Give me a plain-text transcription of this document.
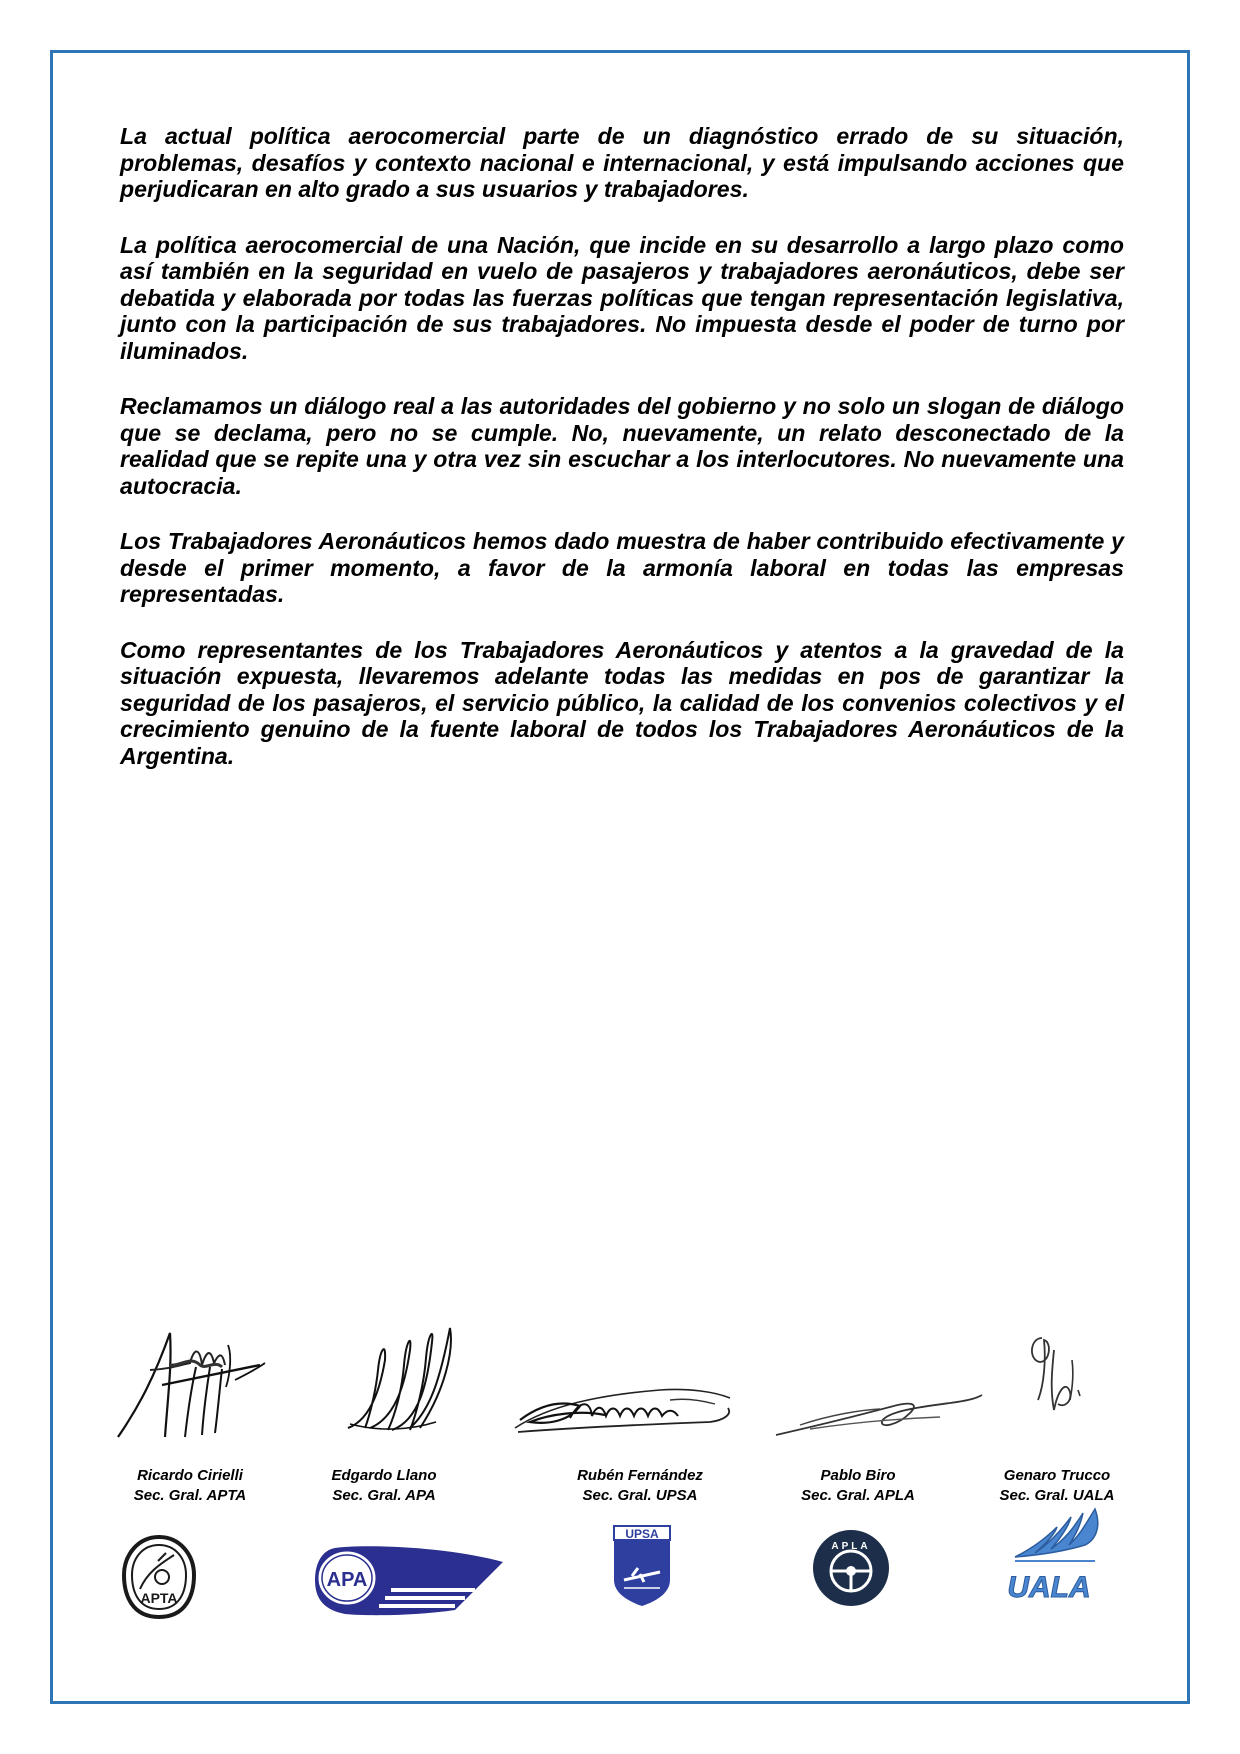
La actual política aerocomercial parte de un diagnóstico errado de su situación, problemas, desafíos y contexto nacional e internacional, y está impulsando acciones que perjudicaran en alto grado a sus usuarios y trabajadores.

La política aerocomercial de una Nación, que incide en su desarrollo a largo plazo como así también en la seguridad en vuelo de pasajeros y trabajadores aeronáuticos, debe ser debatida y elaborada por todas las fuerzas políticas que tengan representación legislativa, junto con la participación de sus trabajadores. No impuesta desde el poder de turno por iluminados.

Reclamamos un diálogo real a las autoridades del gobierno y no solo un slogan de diálogo que se declama, pero no se cumple. No, nuevamente, un relato desconectado de la realidad que se repite una y otra vez sin escuchar a los interlocutores. No nuevamente una autocracia.

Los Trabajadores Aeronáuticos hemos dado muestra de haber contribuido efectivamente y desde el primer momento, a favor de la armonía laboral en todas las empresas representadas.

Como representantes de los Trabajadores Aeronáuticos y atentos a la gravedad de la situación expuesta, llevaremos adelante todas las medidas en pos de garantizar la seguridad de los pasajeros, el servicio público, la calidad de los convenios colectivos y el crecimiento genuino de la fuente laboral de todos los Trabajadores Aeronáuticos de la Argentina.

Ricardo Cirielli
Sec. Gral. APTA
Edgardo Llano
Sec. Gral. APA
Rubén Fernández
Sec. Gral. UPSA
Pablo Biro
Sec. Gral. APLA
Genaro Trucco
Sec. Gral. UALA
APTA
APA
UPSA
APLA
UALA
